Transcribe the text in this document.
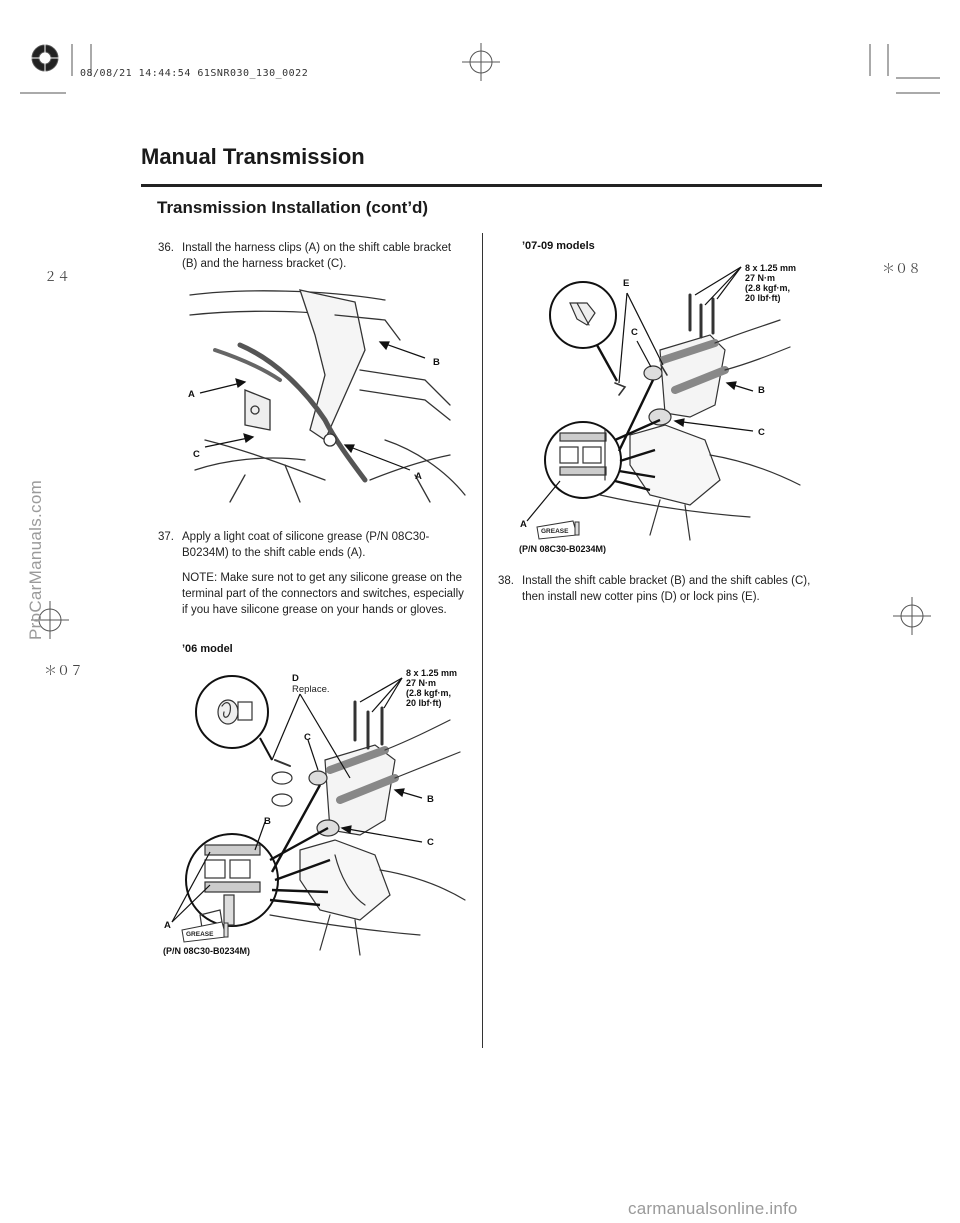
08/08/21 14:44:54 61SNR030_130_0022
２４
＊０８
＊０７
Manual Transmission
Transmission Installation (cont’d)
36. Install the harness clips (A) on the shift cable bracket (B) and the harness bracket (C).
B
A
C
A
37. Apply a light coat of silicone grease (P/N 08C30-B0234M) to the shift cable ends (A).
NOTE: Make sure not to get any silicone grease on the terminal part of the connectors and switches, especially if you have silicone grease on your hands or gloves.
’06 model
D
Replace.
8 x 1.25 mm
27 N·m
(2.8 kgf·m,
20 lbf·ft)
C
B
B
C
A
GREASE
(P/N 08C30-B0234M)
’07-09 models
E
8 x 1.25 mm
27 N·m
(2.8 kgf·m,
20 lbf·ft)
C
B
C
A
GREASE
(P/N 08C30-B0234M)
38. Install the shift cable bracket (B) and the shift cables (C), then install new cotter pins (D) or lock pins (E).
ProCarManuals.com
carmanualsonline.info
